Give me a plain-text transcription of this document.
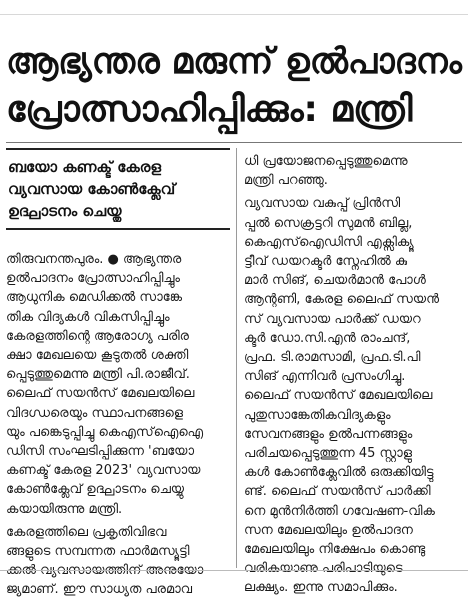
ആഭ്യന്തര മരുന്ന് ഉൽപാദനം
പ്രോത്സാഹിപ്പിക്കും: മന്ത്രി
ബയോ കണക്ട് കേരള
വ്യവസായ കോൺക്ലേവ്
ഉദ്ഘാടനം ചെയ്തു

തിരുവനന്തപുരം. ● ആഭ്യന്തര
ഉൽപാദനം പ്രോത്സാഹിപ്പിച്ചും
ആധുനിക മെഡിക്കൽ സാങ്കേ
തിക വിദ്യകൾ വികസിപ്പിച്ചും
കേരളത്തിന്റെ ആരോഗ്യ പരിര
ക്ഷാ മേഖലയെ കൂടുതൽ ശക്തി
പ്പെടുത്തുമെന്നു മന്ത്രി പി.രാജീവ്.
ലൈഫ് സയൻസ് മേഖലയിലെ
വിദഗ്ധരെയും സ്ഥാപനങ്ങളെ
യും പങ്കെടുപ്പിച്ചു കെഎസ്ഐഐ
ഡിസി സംഘടിപ്പിക്കുന്ന 'ബയോ
കണക്ട് കേരള 2023' വ്യവസായ
കോൺക്ലേവ് ഉദ്ഘാടനം ചെയ്യു
കയായിരുന്നു മന്ത്രി.

കേരളത്തിലെ പ്രകൃതിവിഭവ
ങ്ങളുടെ സമ്പന്നത ഫാർമസ്യൂട്ടി
ക്കൽ വ്യവസായത്തിന് അനുയോ
ജ്യമാണ്. ഈ സാധ്യത പരമാവ

ധി പ്രയോജനപ്പെടുത്തുമെന്നു
മന്ത്രി പറഞ്ഞു.

വ്യവസായ വകുപ്പ് പ്രിൻസി
പ്പൽ സെക്രട്ടറി സുമൻ ബില്ല,
കെഎസ്ഐഡിസി എക്സിക്യൂ
ട്ടീവ് ഡയറക്ടർ സ്നേഹിൽ കു
മാർ സിങ്, ചെയർമാൻ പോൾ
ആന്റണി, കേരള ലൈഫ് സയൻ
സ് വ്യവസായ പാർക്ക് ഡയറ
ക്ടർ ഡോ.സി.എൻ രാംചന്ദ്,
പ്രഫ. ടി.രാമസാമി, പ്രഫ.ടി.പി
സിങ് എന്നിവർ പ്രസംഗിച്ചു.

ലൈഫ് സയൻസ് മേഖലയിലെ
പുതുസാങ്കേതികവിദ്യകളും
സേവനങ്ങളും ഉൽപന്നങ്ങളും
പരിചയപ്പെടുത്തുന്ന 45 സ്റ്റാളു
കൾ കോൺക്ലേവിൽ ഒരുക്കിയിട്ടു
ണ്ട്. ലൈഫ് സയൻസ് പാർക്കി
നെ മുൻനിർത്തി ഗവേഷണ-വിക
സന മേഖലയിലും ഉൽപാദന
മേഖലയിലും നിക്ഷേപം കൊണ്ടു
വരികയാണു പരിപാടിയുടെ
ലക്ഷ്യം. ഇന്നു സമാപിക്കും.
